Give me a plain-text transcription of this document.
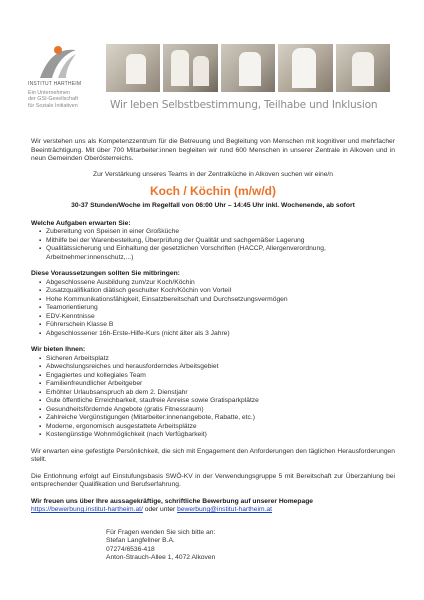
INSTITUT HARTHEIM
Ein Unternehmen
der GSI-Gesellschaft
für Soziale Initiativen	Wir leben Selbstbestimmung, Teilhabe und Inklusion

Wir verstehen uns als Kompetenzzentrum für die Betreuung und Begleitung von Menschen mit kognitiver und mehrfacher Beeinträchtigung. Mit über 700 Mitarbeiter:innen begleiten wir rund 600 Menschen in unserer Zentrale in Alkoven und in neun Gemeinden Oberösterreichs.

Zur Verstärkung unseres Teams in der Zentralküche in Alkoven suchen wir eine/n

Koch / Köchin (m/w/d)
30-37 Stunden/Woche im Regelfall von 06:00 Uhr – 14:45 Uhr inkl. Wochenende, ab sofort
Welche Aufgaben erwarten Sie:
▪ Zubereitung von Speisen in einer Großküche
▪ Mithilfe bei der Warenbestellung, Überprüfung der Qualität und sachgemäßer Lagerung
▪ Qualitätssicherung und Einhaltung der gesetzlichen Vorschriften (HACCP, Allergenverordnung, Arbeitnehmer:innenschutz,...)
Diese Voraussetzungen sollten Sie mitbringen:
▪ Abgeschlossene Ausbildung zum/zur Koch/Köchin
▪ Zusatzqualifikation diätisch geschulter Koch/Köchin von Vorteil
▪ Hohe Kommunikationsfähigkeit, Einsatzbereitschaft und Durchsetzungsvermögen
▪ Teamorientierung
▪ EDV-Kenntnisse
▪ Führerschein Klasse B
▪ Abgeschlossener 16h-Erste-Hilfe-Kurs (nicht älter als 3 Jahre)
Wir bieten Ihnen:
▪ Sicheren Arbeitsplatz
▪ Abwechslungsreiches und herausforderndes Arbeitsgebiet
▪ Engagiertes und kollegiales Team
▪ Familienfreundlicher Arbeitgeber
▪ Erhöhter Urlaubsanspruch ab dem 2. Dienstjahr
▪ Gute öffentliche Erreichbarkeit, staufreie Anreise sowie Gratisparkplätze
▪ Gesundheitsfördernde Angebote (gratis Fitnessraum)
▪ Zahlreiche Vergünstigungen (Mitarbeiter:innenangebote, Rabatte, etc.)
▪ Moderne, ergonomisch ausgestattete Arbeitsplätze
▪ Kostengünstige Wohnmöglichkeit (nach Verfügbarkeit)

Wir erwarten eine gefestigte Persönlichkeit, die sich mit Engagement den Anforderungen den täglichen Herausforderungen stellt.

Die Entlohnung erfolgt auf Einstufungsbasis SWÖ-KV in der Verwendungsgruppe 5 mit Bereitschaft zur Überzahlung bei entsprechender Qualifikation und Berufserfahrung.

Wir freuen uns über Ihre aussagekräftige, schriftliche Bewerbung auf unserer Homepage
https://bewerbung.institut-hartheim.at/ oder unter bewerbung@institut-hartheim.at
Für Fragen wenden Sie sich bitte an:
Stefan Langfellner B.A.
07274/6536-418
Anton-Strauch-Allee 1, 4072 Alkoven
